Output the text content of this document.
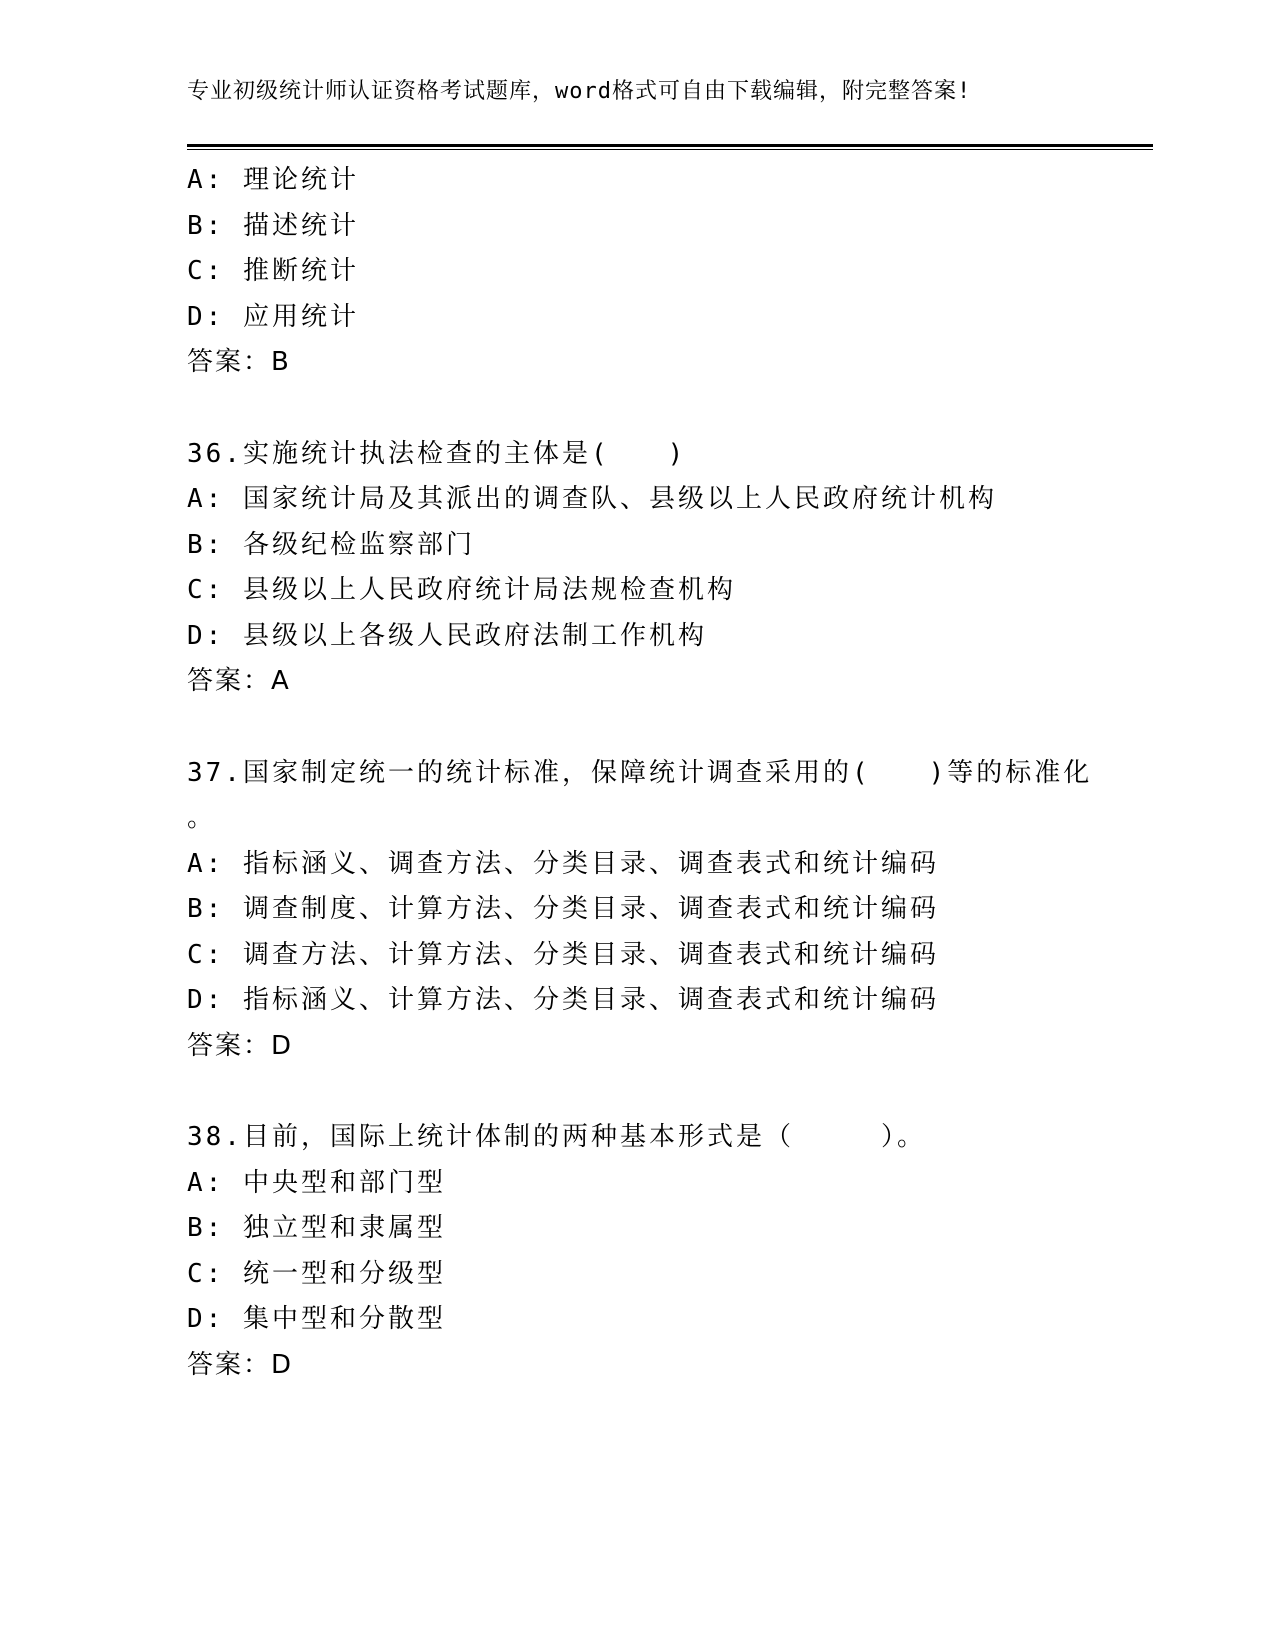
专业初级统计师认证资格考试题库，word格式可自由下载编辑，附完整答案!
A: 理论统计
B: 描述统计
C: 推断统计
D: 应用统计
答案：B
36.实施统计执法检查的主体是(　　)
A: 国家统计局及其派出的调查队、县级以上人民政府统计机构
B: 各级纪检监察部门
C: 县级以上人民政府统计局法规检查机构
D: 县级以上各级人民政府法制工作机构
答案：A
37.国家制定统一的统计标准，保障统计调查采用的(　　)等的标准化
。
A: 指标涵义、调查方法、分类目录、调查表式和统计编码
B: 调查制度、计算方法、分类目录、调查表式和统计编码
C: 调查方法、计算方法、分类目录、调查表式和统计编码
D: 指标涵义、计算方法、分类目录、调查表式和统计编码
答案：D
38.目前，国际上统计体制的两种基本形式是（　　　）。
A: 中央型和部门型
B: 独立型和隶属型
C: 统一型和分级型
D: 集中型和分散型
答案：D
